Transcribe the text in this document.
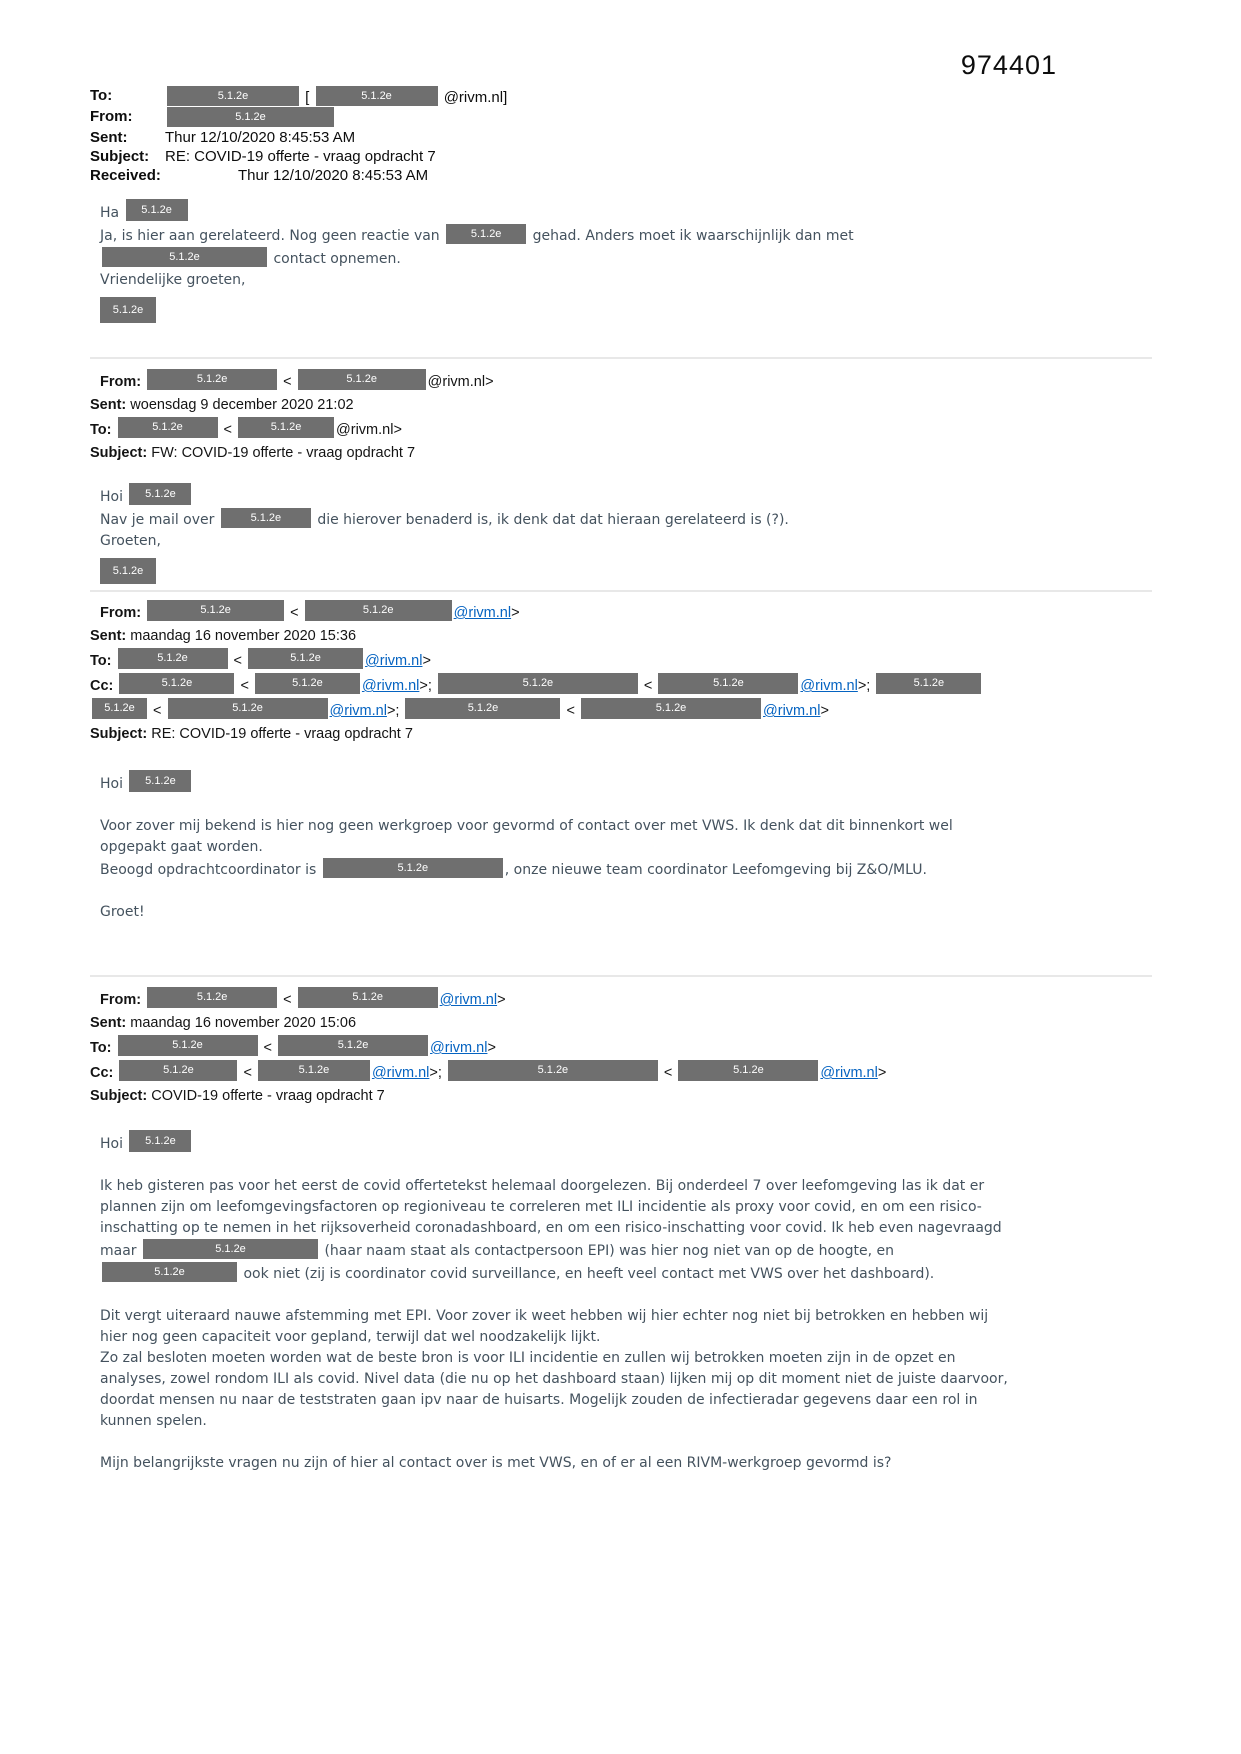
974401
To:	5.1.2e	[	5.1.2e	@rivm.nl]
From:	5.1.2e
Sent:	Thur 12/10/2020 8:45:53 AM
Subject:	RE: COVID-19 offerte - vraag opdracht 7
Received:	Thur 12/10/2020 8:45:53 AM
Ha 5.1.2e
Ja, is hier aan gerelateerd. Nog geen reactie van	5.1.2e gehad. Anders moet ik waarschijnlijk dan met
5.1.2e	contact opnemen.
Vriendelijke groeten,
5.1.2e
From:	5.1.2e	<	5.1.2e	@rivm.nl>
Sent: woensdag 9 december 2020 21:02
To:	5.1.2e	<	5.1.2e @rivm.nl>
Subject: FW: COVID-19 offerte - vraag opdracht 7
Hoi 5.1.2e
Nav je mail over	5.1.2e	die hierover benaderd is, ik denk dat dat hieraan gerelateerd is (?).
Groeten,
5.1.2e
From:	5.1.2e	<	5.1.2e	@rivm.nl>
Sent: maandag 16 november 2020 15:36
To:	5.1.2e	<	5.1.2e	@rivm.nl>
Cc:	5.1.2e	<	5.1.2e	@rivm.nl>;	5.1.2e	<	5.1.2e	@rivm.nl>;	5.1.2e
5.1.2e <	5.1.2e	@rivm.nl>;	5.1.2e	<	5.1.2e	@rivm.nl>
Subject: RE: COVID-19 offerte - vraag opdracht 7
Hoi 5.1.2e
Voor zover mij bekend is hier nog geen werkgroep voor gevormd of contact over met VWS. Ik denk dat dit binnenkort wel opgepakt gaat worden.
Beoogd opdrachtcoordinator is	5.1.2e	, onze nieuwe team coordinator Leefomgeving bij Z&O/MLU.
Groet!
From:	5.1.2e	<	5.1.2e	@rivm.nl>
Sent: maandag 16 november 2020 15:06
To:	5.1.2e	<	5.1.2e	@rivm.nl>
Cc:	5.1.2e	<	5.1.2e	@rivm.nl>;	5.1.2e	<	5.1.2e	@rivm.nl>
Subject: COVID-19 offerte - vraag opdracht 7
Hoi 5.1.2e
Ik heb gisteren pas voor het eerst de covid offertetekst helemaal doorgelezen. Bij onderdeel 7 over leefomgeving las ik dat er plannen zijn om leefomgevingsfactoren op regioniveau te correleren met ILI incidentie als proxy voor covid, en om een risico-inschatting op te nemen in het rijksoverheid coronadashboard, en om een risico-inschatting voor covid. Ik heb even nagevraagd maar	5.1.2e	(haar naam staat als contactpersoon EPI) was hier nog niet van op de hoogte, en 5.1.2e	ook niet (zij is coordinator covid surveillance, en heeft veel contact met VWS over het dashboard).
Dit vergt uiteraard nauwe afstemming met EPI. Voor zover ik weet hebben wij hier echter nog niet bij betrokken en hebben wij hier nog geen capaciteit voor gepland, terwijl dat wel noodzakelijk lijkt.
Zo zal besloten moeten worden wat de beste bron is voor ILI incidentie en zullen wij betrokken moeten zijn in de opzet en analyses, zowel rondom ILI als covid. Nivel data (die nu op het dashboard staan) lijken mij op dit moment niet de juiste daarvoor, doordat mensen nu naar de teststraten gaan ipv naar de huisarts. Mogelijk zouden de infectieradar gegevens daar een rol in kunnen spelen.
Mijn belangrijkste vragen nu zijn of hier al contact over is met VWS, en of er al een RIVM-werkgroep gevormd is?
